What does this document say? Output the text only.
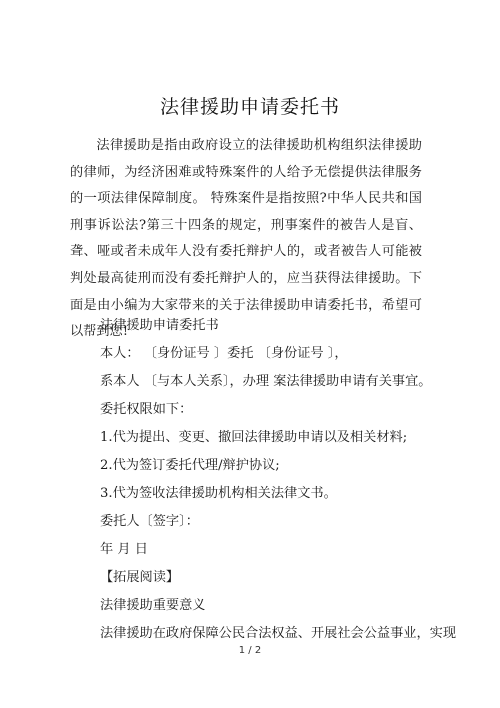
法律援助申请委托书

法律援助是指由政府设立的法律援助机构组织法律援助的律师，为经济困难或特殊案件的人给予无偿提供法律服务的一项法律保障制度。 特殊案件是指按照?中华人民共和国刑事诉讼法?第三十四条的规定，刑事案件的被告人是盲、聋、哑或者未成年人没有委托辩护人的，或者被告人可能被判处最高徒刑而没有委托辩护人的，应当获得法律援助。下面是由小编为大家带来的关于法律援助申请委托书，希望可以帮到您!

法律援助申请委托书

本人： 〔身份证号 〕委托 〔身份证号 〕，

系本人 〔与本人关系〕，办理 案法律援助申请有关事宜。

委托权限如下：

1.代为提出、变更、撤回法律援助申请以及相关材料;

2.代为签订委托代理/辩护协议;

3.代为签收法律援助机构相关法律文书。

委托人〔签字〕：

年 月 日

【拓展阅读】

法律援助重要意义

法律援助在政府保障公民合法权益、开展社会公益事业，实现

1 / 2
